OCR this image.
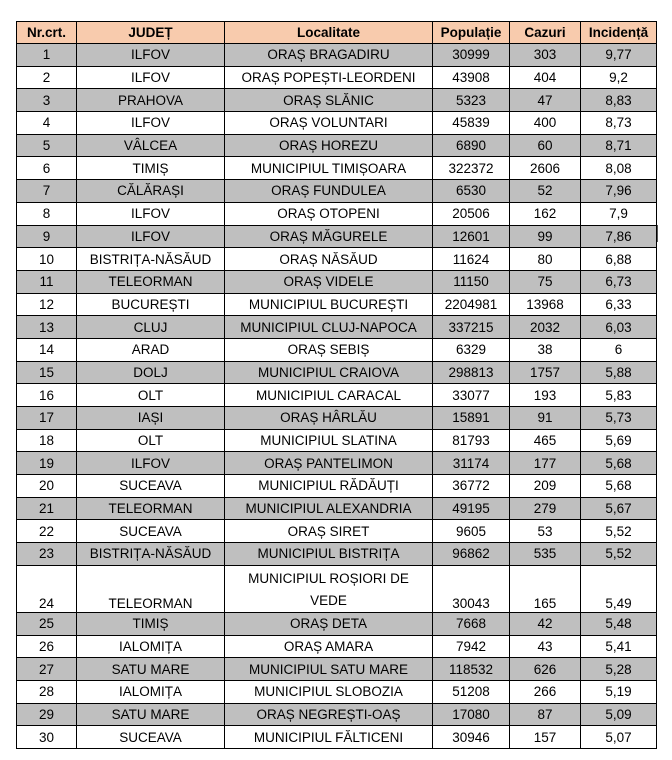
Nr.crt.	JUDEȚ	Localitate	Populație	Cazuri	Incidență
1	ILFOV	ORAȘ BRAGADIRU	30999	303	9,77
2	ILFOV	ORAȘ POPEȘTI-LEORDENI	43908	404	9,2
3	PRAHOVA	ORAȘ SLĂNIC	5323	47	8,83
4	ILFOV	ORAȘ VOLUNTARI	45839	400	8,73
5	VÂLCEA	ORAȘ HOREZU	6890	60	8,71
6	TIMIȘ	MUNICIPIUL TIMIȘOARA	322372	2606	8,08
7	CĂLĂRAȘI	ORAȘ FUNDULEA	6530	52	7,96
8	ILFOV	ORAȘ OTOPENI	20506	162	7,9
9	ILFOV	ORAȘ MĂGURELE	12601	99	7,86
10	BISTRIȚA-NĂSĂUD	ORAȘ NĂSĂUD	11624	80	6,88
11	TELEORMAN	ORAȘ VIDELE	11150	75	6,73
12	BUCUREȘTI	MUNICIPIUL BUCUREȘTI	2204981	13968	6,33
13	CLUJ	MUNICIPIUL CLUJ-NAPOCA	337215	2032	6,03
14	ARAD	ORAȘ SEBIȘ	6329	38	6
15	DOLJ	MUNICIPIUL CRAIOVA	298813	1757	5,88
16	OLT	MUNICIPIUL CARACAL	33077	193	5,83
17	IAȘI	ORAȘ HÂRLĂU	15891	91	5,73
18	OLT	MUNICIPIUL SLATINA	81793	465	5,69
19	ILFOV	ORAȘ PANTELIMON	31174	177	5,68
20	SUCEAVA	MUNICIPIUL RĂDĂUȚI	36772	209	5,68
21	TELEORMAN	MUNICIPIUL ALEXANDRIA	49195	279	5,67
22	SUCEAVA	ORAȘ SIRET	9605	53	5,52
23	BISTRIȚA-NĂSĂUD	MUNICIPIUL BISTRIȚA	96862	535	5,52
24	TELEORMAN	MUNICIPIUL ROȘIORI DE VEDE	30043	165	5,49
25	TIMIȘ	ORAȘ DETA	7668	42	5,48
26	IALOMIȚA	ORAȘ AMARA	7942	43	5,41
27	SATU MARE	MUNICIPIUL SATU MARE	118532	626	5,28
28	IALOMIȚA	MUNICIPIUL SLOBOZIA	51208	266	5,19
29	SATU MARE	ORAȘ NEGREȘTI-OAȘ	17080	87	5,09
30	SUCEAVA	MUNICIPIUL FĂLTICENI	30946	157	5,07
